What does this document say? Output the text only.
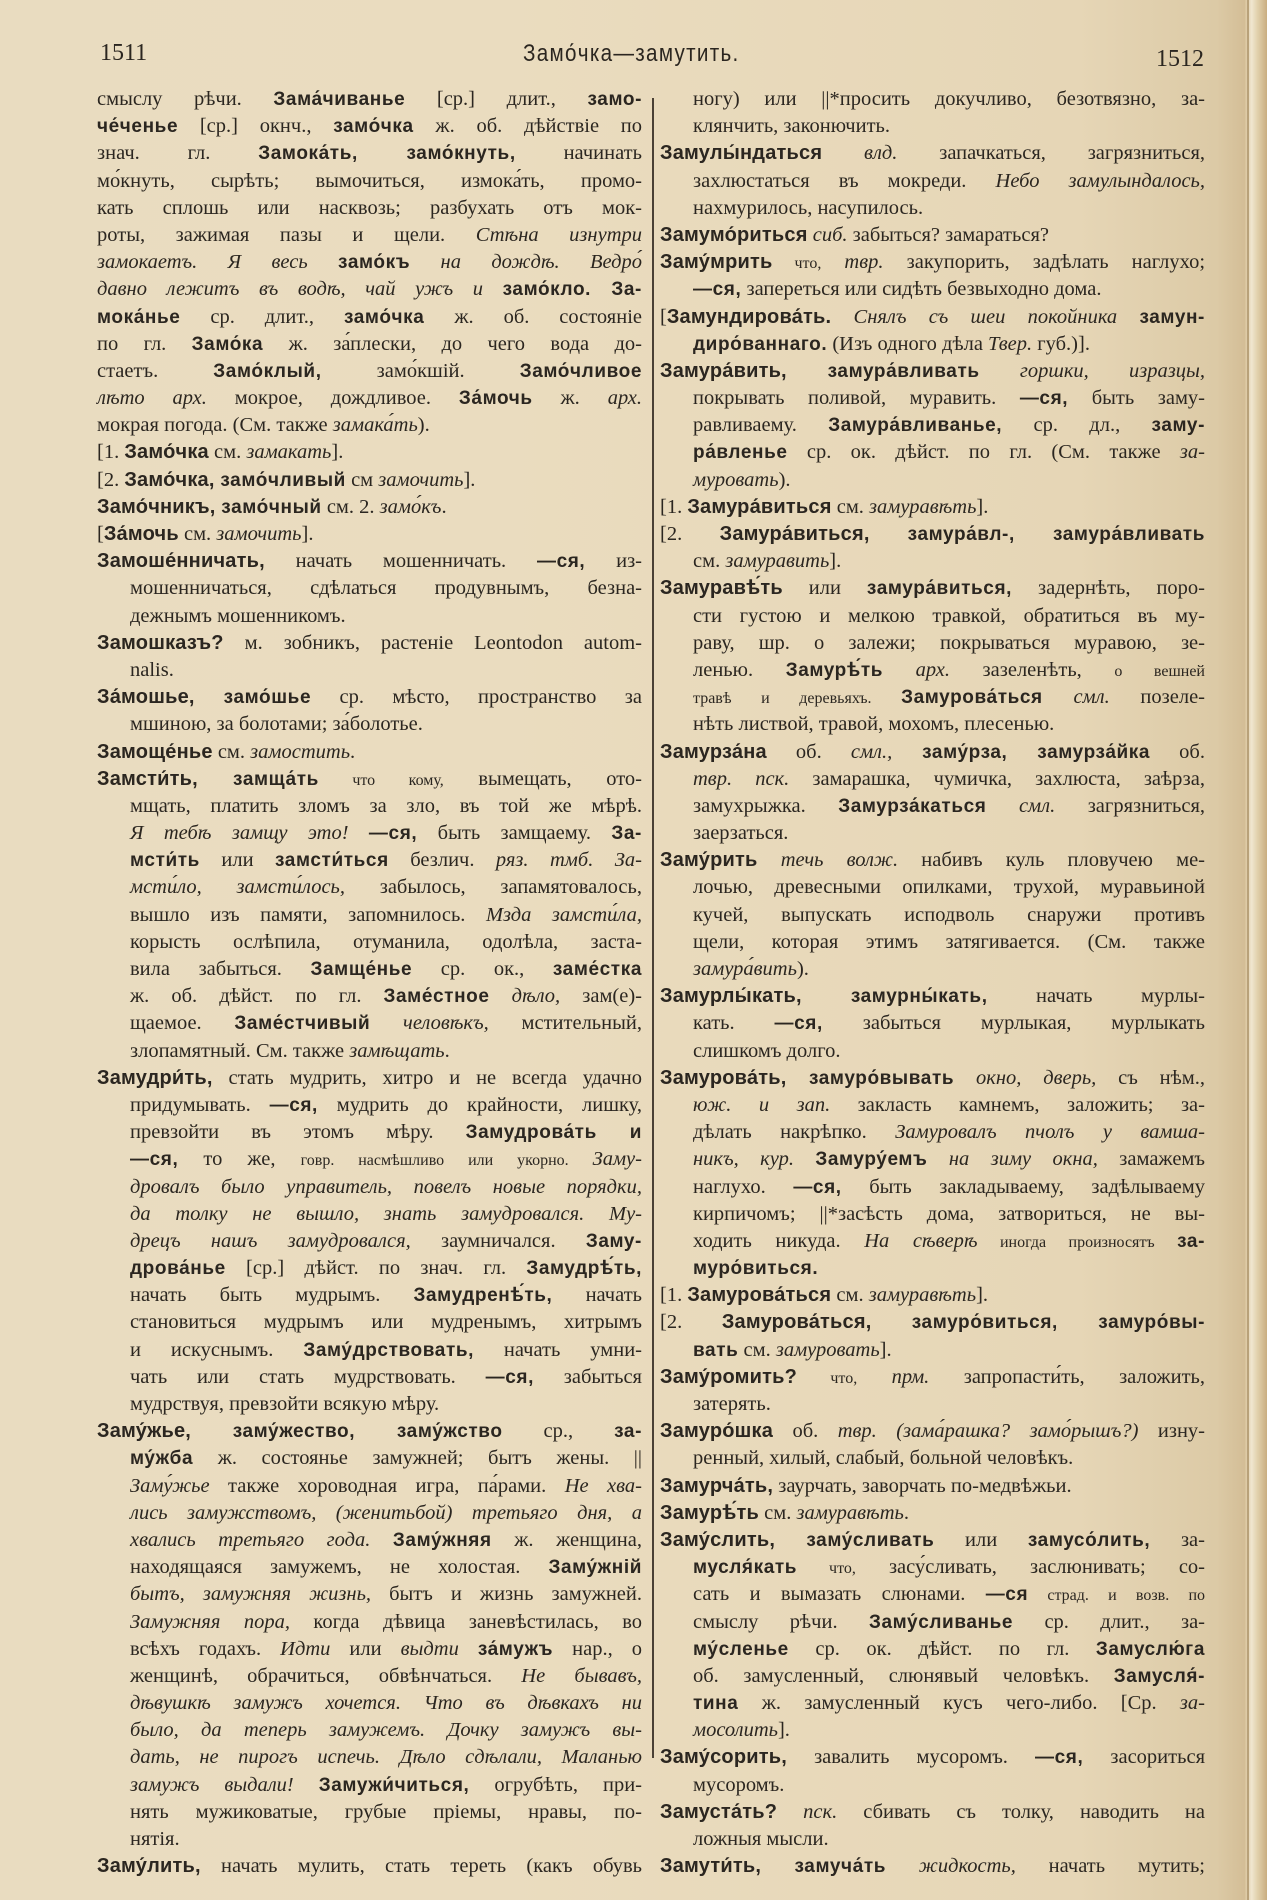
1511	Замо́чка—замутить.	1512
смыслу рѣчи. Зама́чиванье [ср.] длит., замо-
че́ченье [ср.] окнч., замо́чка ж. об. дѣйствіе по
знач. гл. Замока́ть, замо́кнуть, начинать
мо́кнуть, сырѣть; вымочиться, измока́ть, промо-
кать сплошь или насквозь; разбухать отъ мок-
роты, зажимая пазы и щели. Стѣна изнутри
замокаетъ. Я весь замо́къ на дождѣ. Ведро́
давно лежитъ въ водѣ, чай ужъ и замо́кло. За-
мока́нье ср. длит., замо́чка ж. об. состояніе
по гл. Замо́ка ж. за́плески, до чего вода до-
стаетъ. Замо́клый, замо́кшій. Замо́чливое
лѣто арх. мокрое, дождливое. За́мочь ж. арх.
мокрая погода. (См. также замака́ть).
[1. Замо́чка см. замакать].
[2. Замо́чка, замо́чливый см замочить].
Замо́чникъ, замо́чный см. 2. замо́къ.
[За́мочь см. замочить].
Замоше́нничать, начать мошенничать. —ся, из-
мошенничаться, сдѣлаться продувнымъ, безна-
дежнымъ мошенникомъ.
Замошказъ? м. зобникъ, растеніе Leontodon autom-
nalis.
За́мошье, замо́шье ср. мѣсто, пространство за
мшиною, за болотами; за́болотье.
Замоще́нье см. замостить.
Замсти́ть, замща́ть что кому, вымещать, ото-
мщать, платить зломъ за зло, въ той же мѣрѣ.
Я тебѣ замщу это! —ся, быть замщаему. За-
мсти́ть или замсти́ться безлич. ряз. тмб. За-
мсти́ло, замсти́лось, забылось, запамятовалось,
вышло изъ памяти, запомнилось. Мзда замсти́ла,
корысть ослѣпила, отуманила, одолѣла, заста-
вила забыться. Замще́нье ср. ок., заме́стка
ж. об. дѣйст. по гл. Заме́стное дѣло, зам(е)-
щаемое. Заме́стчивый человѣкъ, мстительный,
злопамятный. См. также замѣщать.
Замудри́ть, стать мудрить, хитро и не всегда удачно
придумывать. —ся, мудрить до крайности, лишку,
превзойти въ этомъ мѣру. Замудрова́ть и
—ся, то же, говр. насмѣшливо или укорно. Заму-
дровалъ было управитель, повелъ новые порядки,
да толку не вышло, знать замудровался. Му-
дрецъ нашъ замудровался, заумничался. Заму-
дрова́нье [ср.] дѣйст. по знач. гл. Замудрѣ́ть,
начать быть мудрымъ. Замудренѣ́ть, начать
становиться мудрымъ или мудренымъ, хитрымъ
и искуснымъ. Заму́дрствовать, начать умни-
чать или стать мудрствовать. —ся, забыться
мудрствуя, превзойти всякую мѣру.
Заму́жье, заму́жество, заму́жство ср., за-
му́жба ж. состоянье замужней; бытъ жены. ||
Заму́жье также хороводная игра, па́рами. Не хва-
лись замужствомъ, (женитьбой) третьяго дня, а
хвались третьяго года. Заму́жняя ж. женщина,
находящаяся замужемъ, не холостая. Заму́жній
бытъ, замужняя жизнь, бытъ и жизнь замужней.
Замужняя пора, когда дѣвица заневѣстилась, во
всѣхъ годахъ. Идти или выдти за́мужъ нар., о
женщинѣ, обрачиться, обвѣнчаться. Не бывавъ,
дѣвушкѣ замужъ хочется. Что въ дѣвкахъ ни
было, да теперь замужемъ. Дочку замужъ вы-
дать, не пирогъ испечь. Дѣло сдѣлали, Маланью
замужъ выдали! Замужи́читься, огрубѣть, при-
нять мужиковатые, грубые пріемы, нравы, по-
нятія.
Заму́лить, начать мулить, стать тереть (какъ обувь
ногу) или ||*просить докучливо, безотвязно, за-
клянчить, законючить.
Замулы́ндаться влд. запачкаться, загрязниться,
захлюстаться въ мокреди. Небо замулындалось,
нахмурилось, насупилось.
Замумо́риться сиб. забыться? замараться?
Заму́мрить что, твр. закупорить, задѣлать наглухо;
—ся, запереться или сидѣть безвыходно дома.
[Замундирова́ть. Снялъ съ шеи покойника замун-
диро́ваннаго. (Изъ одного дѣла Твер. губ.)].
Замура́вить, замура́вливать горшки, изразцы,
покрывать поливой, муравить. —ся, быть заму-
равливаему. Замура́вливанье, ср. дл., заму-
ра́вленье ср. ок. дѣйст. по гл. (См. также за-
муровать).
[1. Замура́виться см. замуравѣть].
[2. Замура́виться, замура́вл-, замура́вливать
см. замуравить].
Замуравѣ́ть или замура́виться, задернѣть, поро-
сти густою и мелкою травкой, обратиться въ му-
раву, шр. о залежи; покрываться муравою, зе-
ленью. Замурѣ́ть арх. зазеленѣть, о вешней
травѣ и деревьяхъ. Замурова́ться смл. позеле-
нѣть листвой, травой, мохомъ, плесенью.
Замурза́на об. смл., заму́рза, замурза́йка об.
твр. пск. замарашка, чумичка, захлюста, заѣрза,
замухрыжка. Замурза́каться смл. загрязниться,
заерзаться.
Заму́рить течь волж. набивъ куль пловучею ме-
лочью, древесными опилками, трухой, муравьиной
кучей, выпускать исподволь снаружи противъ
щели, которая этимъ затягивается. (См. также
замура́вить).
Замурлы́кать, замурны́кать, начать мурлы-
кать. —ся, забыться мурлыкая, мурлыкать
слишкомъ долго.
Замурова́ть, замуро́вывать окно, дверь, съ нѣм.,
юж. и зап. закласть камнемъ, заложить; за-
дѣлать накрѣпко. Замуровалъ пчолъ у вамша-
никъ, кур. Замуру́емъ на зиму окна, замажемъ
наглухо. —ся, быть закладываему, задѣлываему
кирпичомъ; ||*засѣсть дома, затвориться, не вы-
ходить никуда. На сѣверѣ иногда произносятъ за-
муро́виться.
[1. Замурова́ться см. замуравѣть].
[2. Замурова́ться, замуро́виться, замуро́вы-
вать см. замуровать].
Заму́ромить? что, прм. запропасти́ть, заложить,
затерять.
Замуро́шка об. твр. (зама́рашка? замо́рышъ?) изну-
ренный, хилый, слабый, больной человѣкъ.
Замурча́ть, заурчать, заворчать по-медвѣжьи.
Замурѣ́ть см. замуравѣть.
Заму́слить, заму́сливать или замусо́лить, за-
мусля́кать что, засу́сливать, заслюнивать; со-
сать и вымазать слюнами. —ся страд. и возв. по
смыслу рѣчи. Заму́сливанье ср. длит., за-
му́сленье ср. ок. дѣйст. по гл. Замуслю́га
об. замусленный, слюнявый человѣкъ. Замусля́-
тина ж. замусленный кусъ чего-либо. [Ср. за-
мосолить].
Заму́сорить, завалить мусоромъ. —ся, засориться
мусоромъ.
Замуста́ть? пск. сбивать съ толку, наводить на
ложныя мысли.
Замути́ть, замуча́ть жидкость, начать мутить;
